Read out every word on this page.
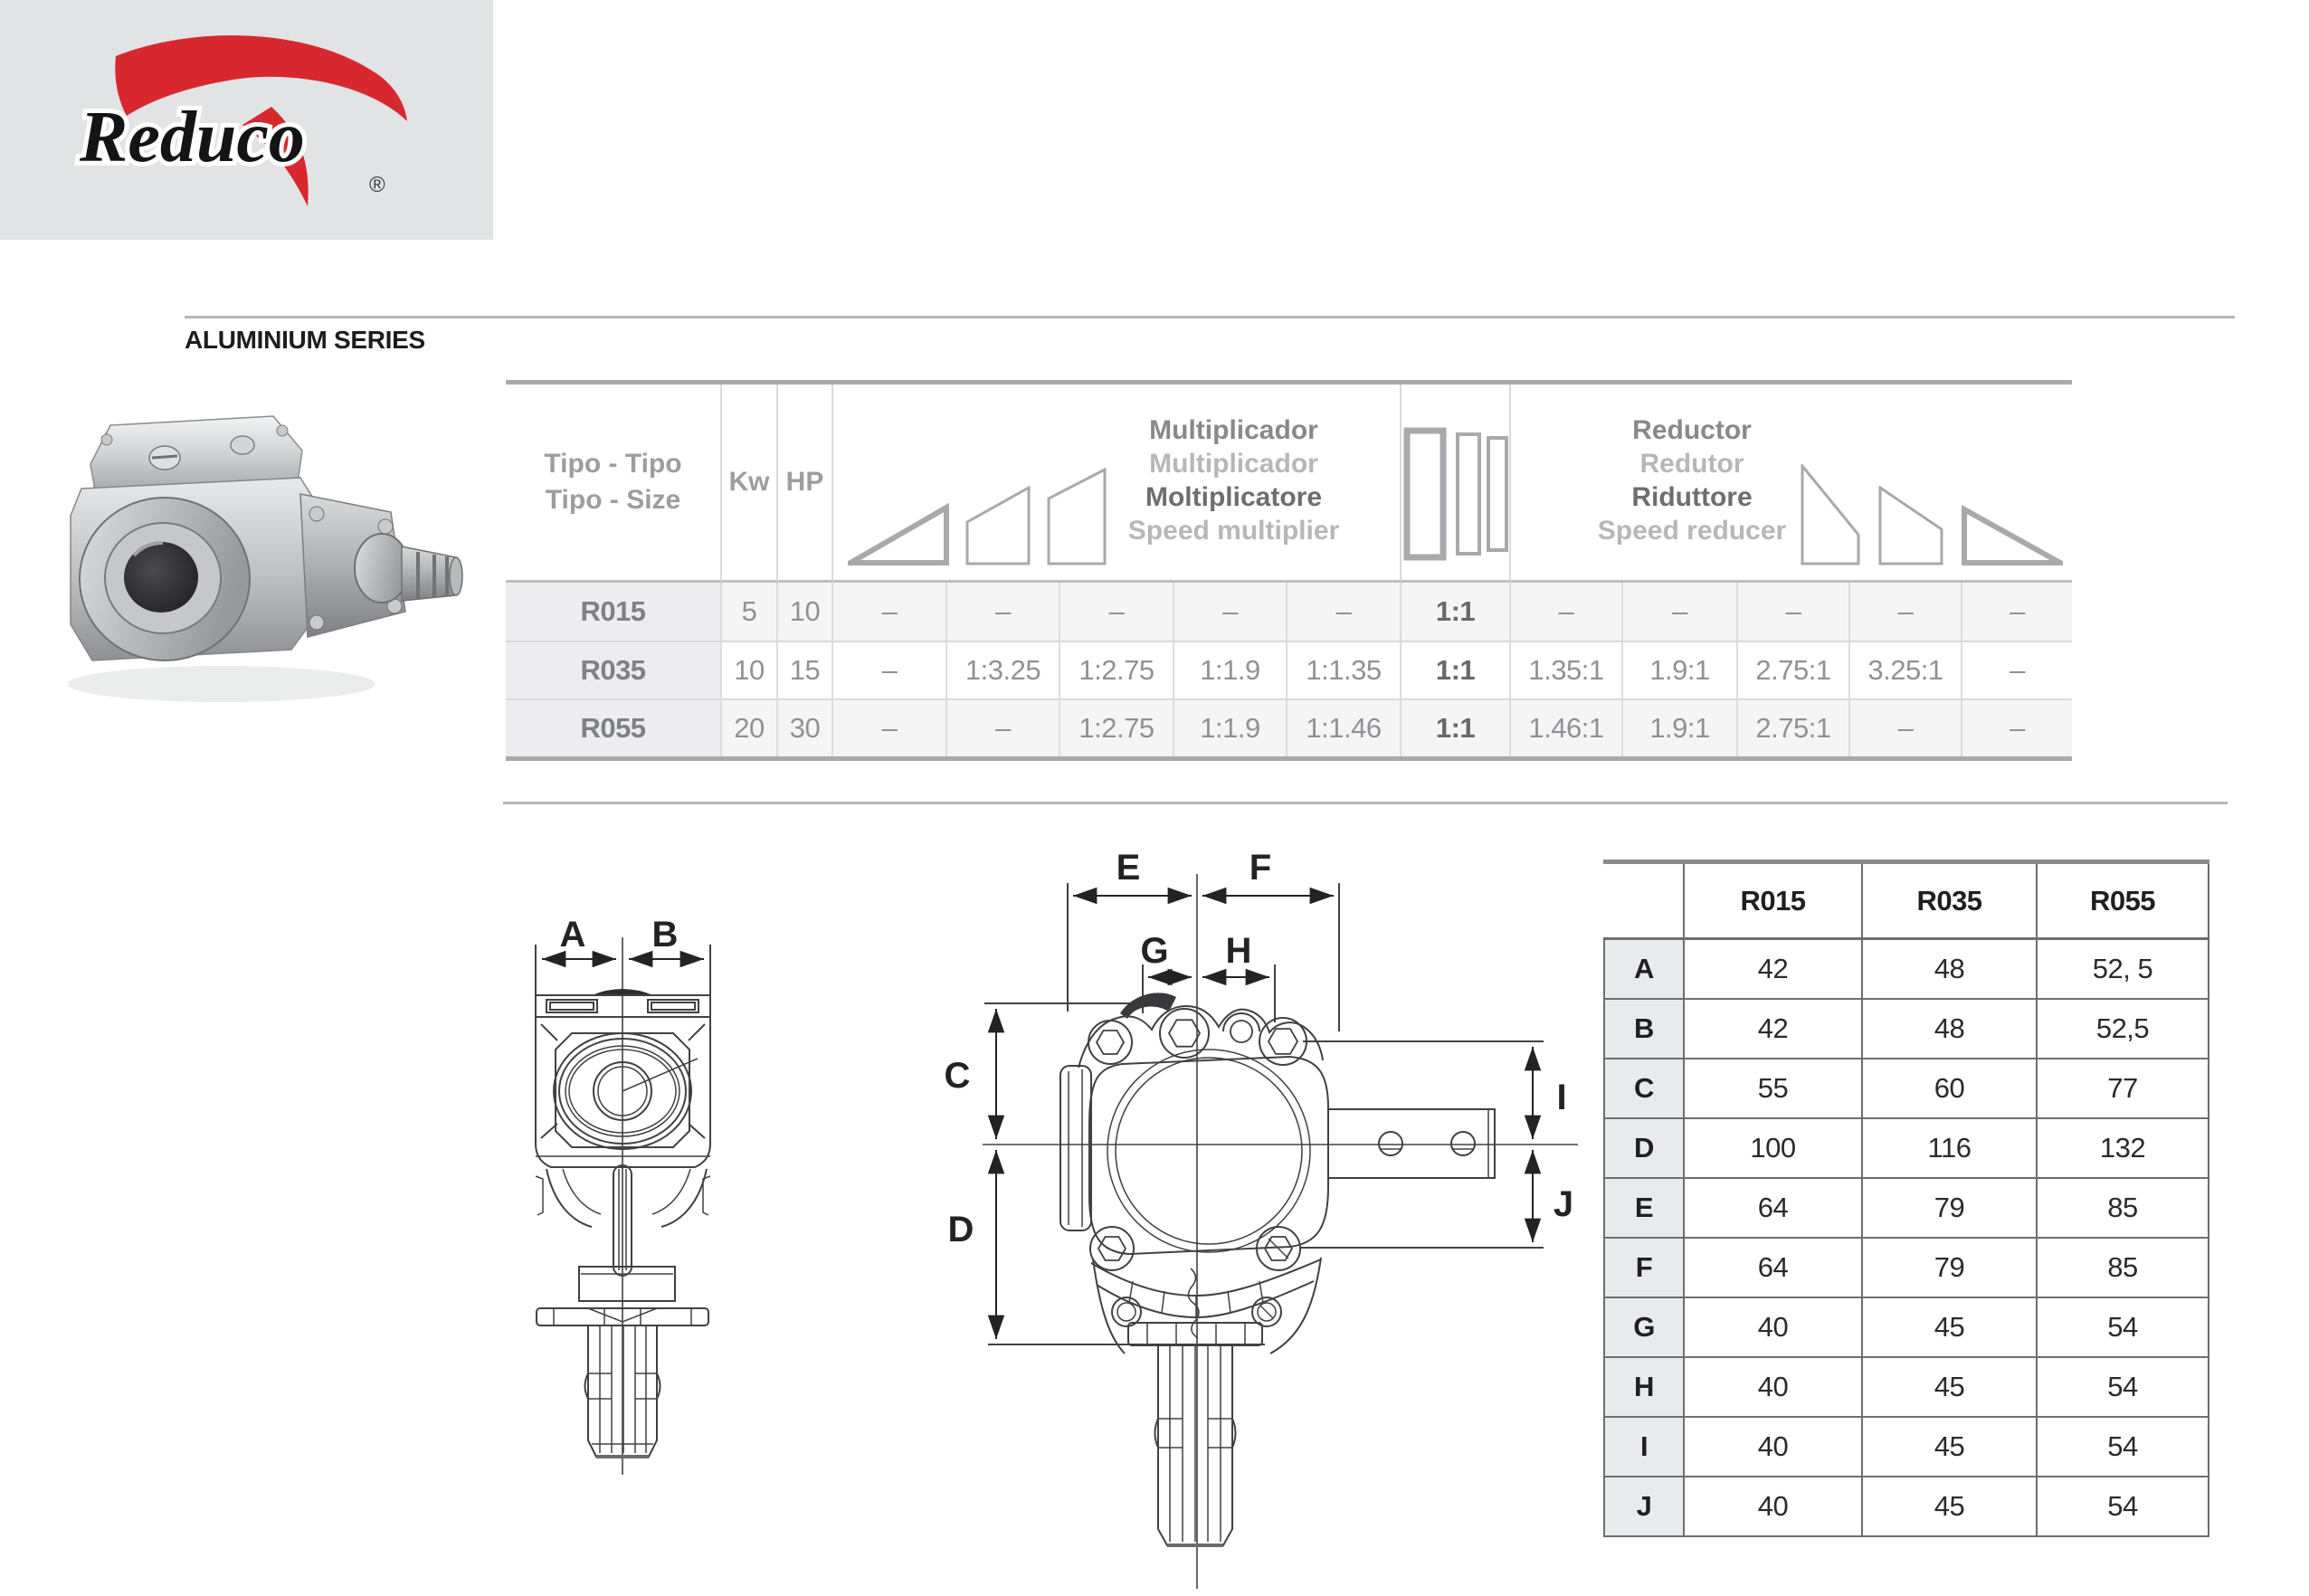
Reduco
®
ALUMINIUM SERIES
Tipo - Tipo
Tipo - Size
Kw HP
Multiplicador
Multiplicador
Moltiplicatore
Speed multiplier
Reductor
Redutor
Riduttore
Speed reducer
R015	5	10	–	–	–	–	–	1:1	–	–	–	–	–
R035	10 15	–	1:3.25	1:2.75	1:1.9	1:1.35	1:1	1.35:1	1.9:1	2.75:1	3.25:1	–
R055	20 30	–	–	1:2.75	1:1.9	1:1.46	1:1	1.46:1	1.9:1	2.75:1	–	–
A B
E	F
G H
C
D
I
J
R015	R035	R055
A	42	48	52, 5
B	42	48	52,5
C	55	60	77
D	100	116	132
E	64	79	85
F	64	79	85
G	40	45	54
H	40	45	54
I	40	45	54
J	40	45	54
